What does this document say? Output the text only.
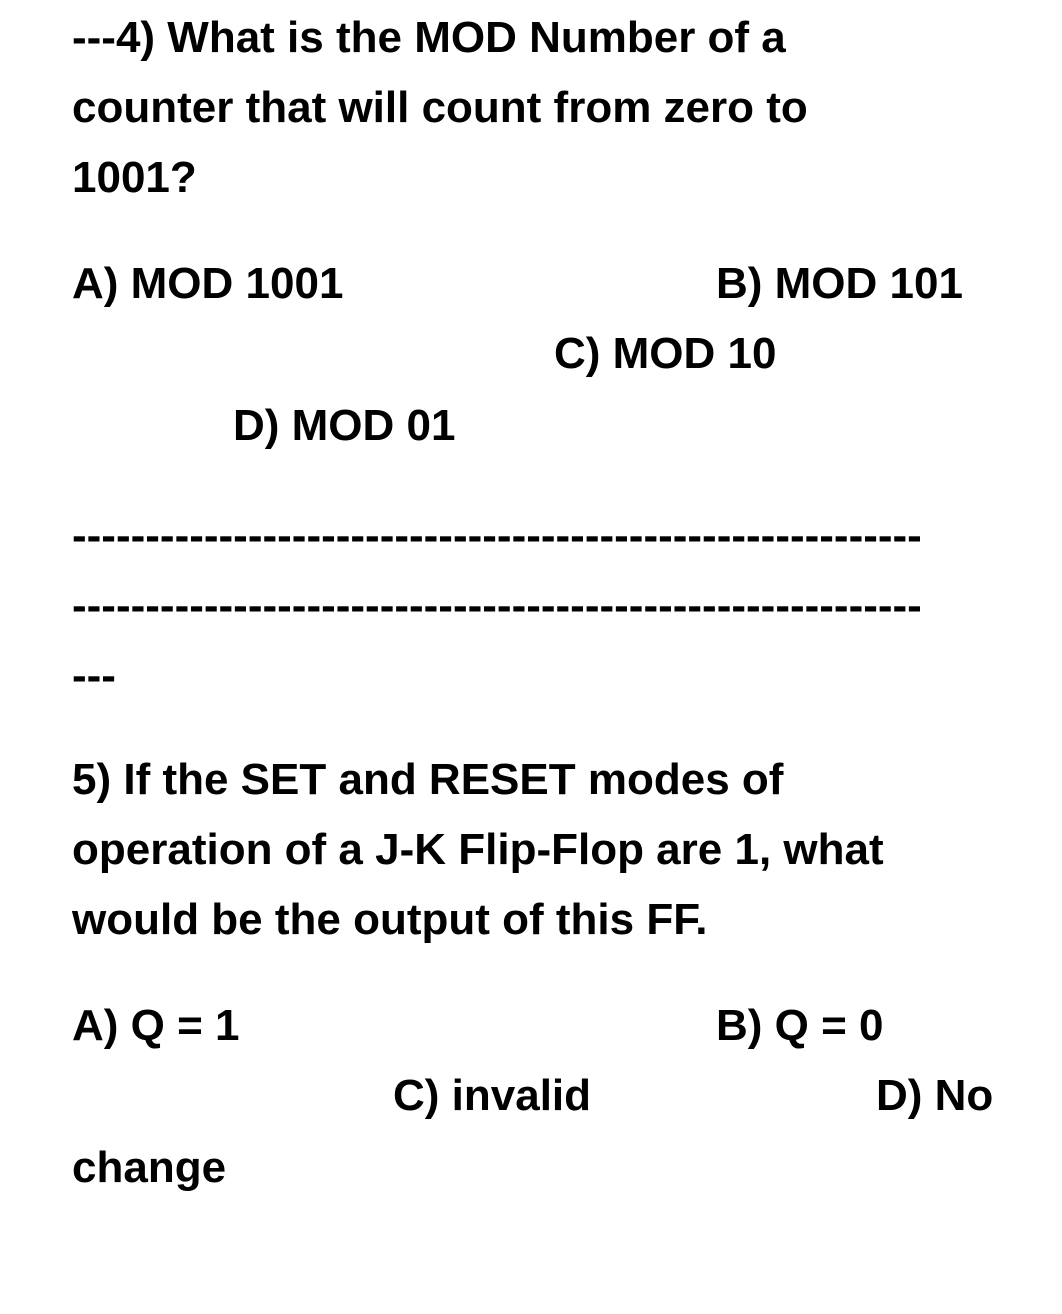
---4) What is the MOD Number of a

counter that will count from zero to

1001?

A) MOD 1001	B) MOD 101

C) MOD 10

D) MOD 01

----------------------------------------------------------
----------------------------------------------------------
---

5) If the SET and RESET modes of

operation of a J-K Flip-Flop are 1, what

would be the output of this FF.

A) Q = 1	B) Q = 0

C) invalid	D) No

change
